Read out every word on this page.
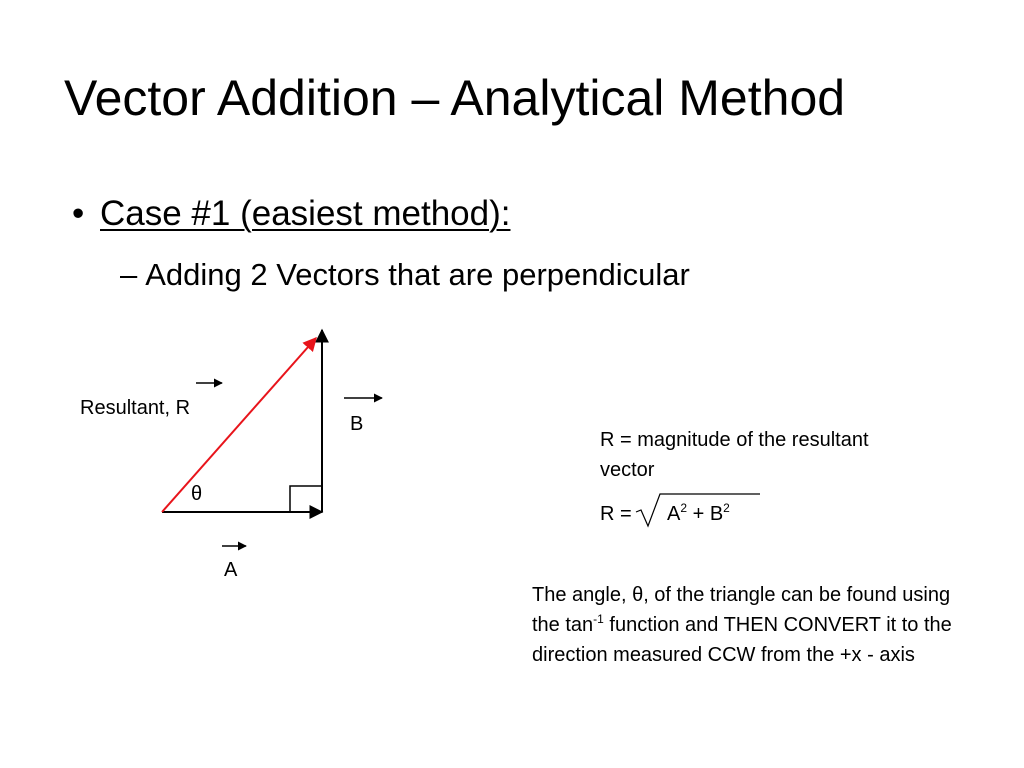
Vector Addition – Analytical Method
• Case #1 (easiest method):
– Adding 2 Vectors that are perpendicular
Resultant, R
B
A
θ
R = magnitude of the resultant vector
$R = A^2 + B^2$
The angle, θ, of the triangle can be found using the $\tan^{-1}$ function and THEN CONVERT it to the direction measured CCW from the +x - axis
